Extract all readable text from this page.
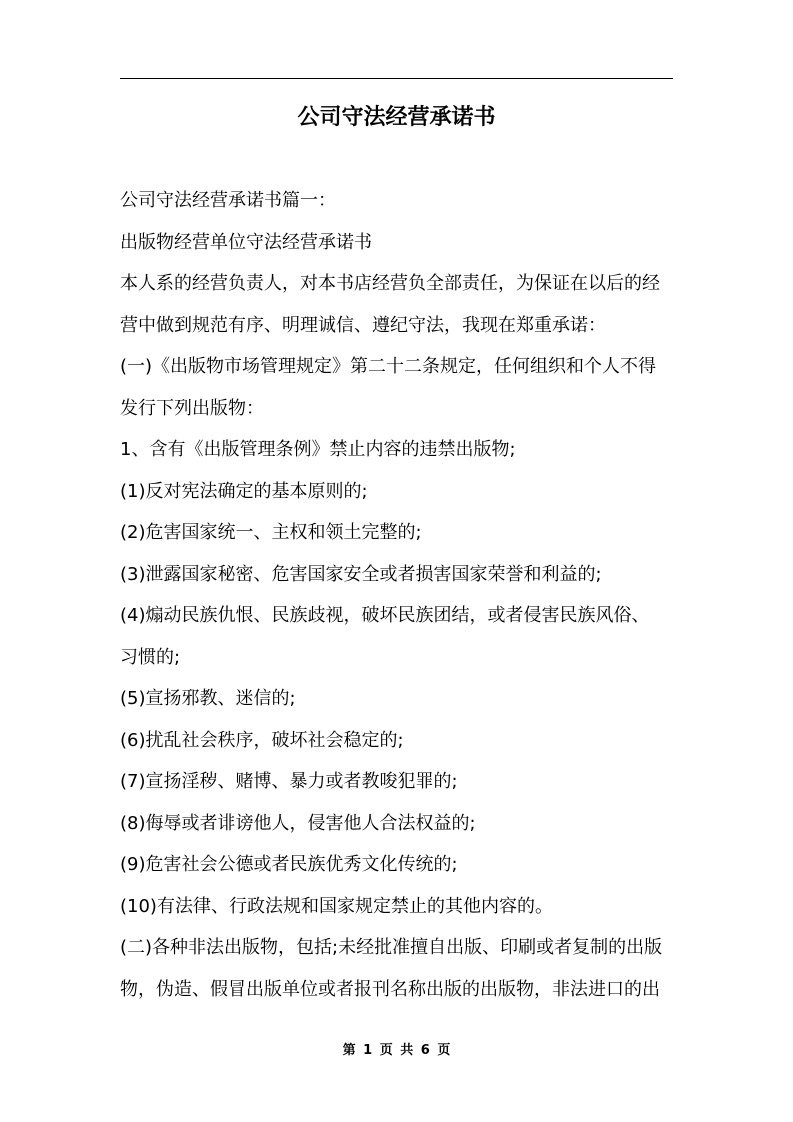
公司守法经营承诺书

公司守法经营承诺书篇一：

出版物经营单位守法经营承诺书

本人系的经营负责人，对本书店经营负全部责任，为保证在以后的经

营中做到规范有序、明理诚信、遵纪守法，我现在郑重承诺：

(一)《出版物市场管理规定》第二十二条规定，任何组织和个人不得

发行下列出版物：

1、含有《出版管理条例》禁止内容的违禁出版物;

(1)反对宪法确定的基本原则的;

(2)危害国家统一、主权和领土完整的;

(3)泄露国家秘密、危害国家安全或者损害国家荣誉和利益的;

(4)煽动民族仇恨、民族歧视，破坏民族团结，或者侵害民族风俗、

习惯的;

(5)宣扬邪教、迷信的;

(6)扰乱社会秩序，破坏社会稳定的;

(7)宣扬淫秽、赌博、暴力或者教唆犯罪的;

(8)侮辱或者诽谤他人，侵害他人合法权益的;

(9)危害社会公德或者民族优秀文化传统的;

(10)有法律、行政法规和国家规定禁止的其他内容的。

(二)各种非法出版物，包括;未经批准擅自出版、印刷或者复制的出版

物，伪造、假冒出版单位或者报刊名称出版的出版物，非法进口的出

第 1 页 共 6 页
